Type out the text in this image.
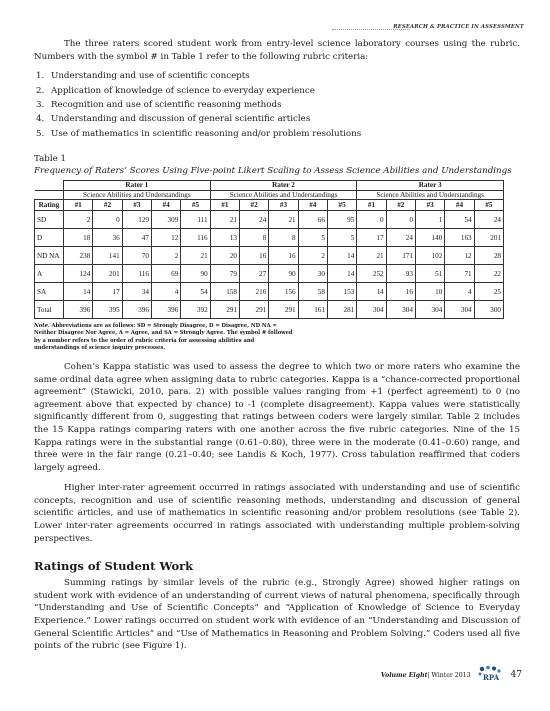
RESEARCH & PRACTICE IN ASSESSMENT

The three raters scored student work from entry-level science laboratory courses using the rubric. Numbers with the symbol # in Table 1 refer to the following rubric criteria:

1. Understanding and use of scientific concepts
2. Application of knowledge of science to everyday experience
3. Recognition and use of scientific reasoning methods
4. Understanding and discussion of general scientific articles
5. Use of mathematics in scientific reasoning and/or problem resolutions
Table 1
Frequency of Raters’ Scores Using Five-point Likert Scaling to Assess Science Abilities and Understandings
	Rater 1					Rater 2					Rater 3				
	Science Abilities and Understandings					Science Abilities and Understandings					Science Abilities and Understandings				
Rating	#1	#2	#3	#4	#5	#1	#2	#3	#4	#5	#1	#2	#3	#4	#5
SD	2	0	129	309	111	21	24	21	66	95	0	0	1	54	24
D	18	36	47	12	116	13	8	8	5	5	17	24	140	163	201
ND NA	238	141	70	2	21	20	16	16	2	14	21	171	102	12	28
A	124	201	116	69	90	79	27	90	30	14	252	93	51	71	22
SA	14	17	34	4	54	158	216	156	58	153	14	16	10	4	25
Total	396	395	396	396	392	291	291	291	161	281	304	304	304	304	300
Note. Abbreviations are as follows: SD = Strongly Disagree, D = Disagree, ND NA = Neither Disagree Nor Agree, A = Agree, and SA = Strongly Agree. The symbol # followed by a number refers to the order of rubric criteria for assessing abilities and understandings of science inquiry processes.

Cohen’s Kappa statistic was used to assess the degree to which two or more raters who examine the same ordinal data agree when assigning data to rubric categories. Kappa is a “chance-corrected proportional agreement” (Stawicki, 2010, para. 2) with possible values ranging from +1 (perfect agreement) to 0 (no agreement above that expected by chance) to -1 (complete disagreement). Kappa values were statistically significantly different from 0, suggesting that ratings between coders were largely similar. Table 2 includes the 15 Kappa ratings comparing raters with one another across the five rubric categories. Nine of the 15 Kappa ratings were in the substantial range (0.61–0.80), three were in the moderate (0.41–0.60) range, and three were in the fair range (0.21–0.40; see Landis & Koch, 1977). Cross tabulation reaffirmed that coders largely agreed.

Higher inter-rater agreement occurred in ratings associated with understanding and use of scientific concepts, recognition and use of scientific reasoning methods, understanding and discussion of general scientific articles, and use of mathematics in scientific reasoning and/or problem resolutions (see Table 2). Lower inter-rater agreements occurred in ratings associated with understanding multiple problem-solving perspectives.

Ratings of Student Work

Summing ratings by similar levels of the rubric (e.g., Strongly Agree) showed higher ratings on student work with evidence of an understanding of current views of natural phenomena, specifically through “Understanding and Use of Scientific Concepts” and “Application of Knowledge of Science to Everyday Experience.” Lower ratings occurred on student work with evidence of an “Understanding and Discussion of General Scientific Articles” and “Use of Mathematics in Reasoning and Problem Solving.” Coders used all five points of the rubric (see Figure 1).

Volume Eight | Winter 2013 RPA 47
